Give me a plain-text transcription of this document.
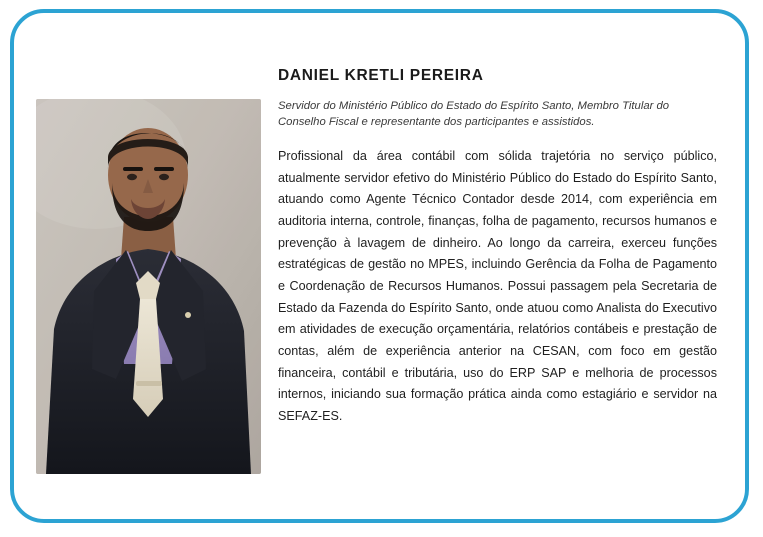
DANIEL KRETLI PEREIRA

Servidor do Ministério Público do Estado do Espírito Santo, Membro Titular do Conselho Fiscal e representante dos participantes e assistidos.

Profissional da área contábil com sólida trajetória no serviço público, atualmente servidor efetivo do Ministério Público do Estado do Espírito Santo, atuando como Agente Técnico Contador desde 2014, com experiência em auditoria interna, controle, finanças, folha de pagamento, recursos humanos e prevenção à lavagem de dinheiro. Ao longo da carreira, exerceu funções estratégicas de gestão no MPES, incluindo Gerência da Folha de Pagamento e Coordenação de Recursos Humanos. Possui passagem pela Secretaria de Estado da Fazenda do Espírito Santo, onde atuou como Analista do Executivo em atividades de execução orçamentária, relatórios contábeis e prestação de contas, além de experiência anterior na CESAN, com foco em gestão financeira, contábil e tributária, uso do ERP SAP e melhoria de processos internos, iniciando sua formação prática ainda como estagiário e servidor na SEFAZ-ES.
